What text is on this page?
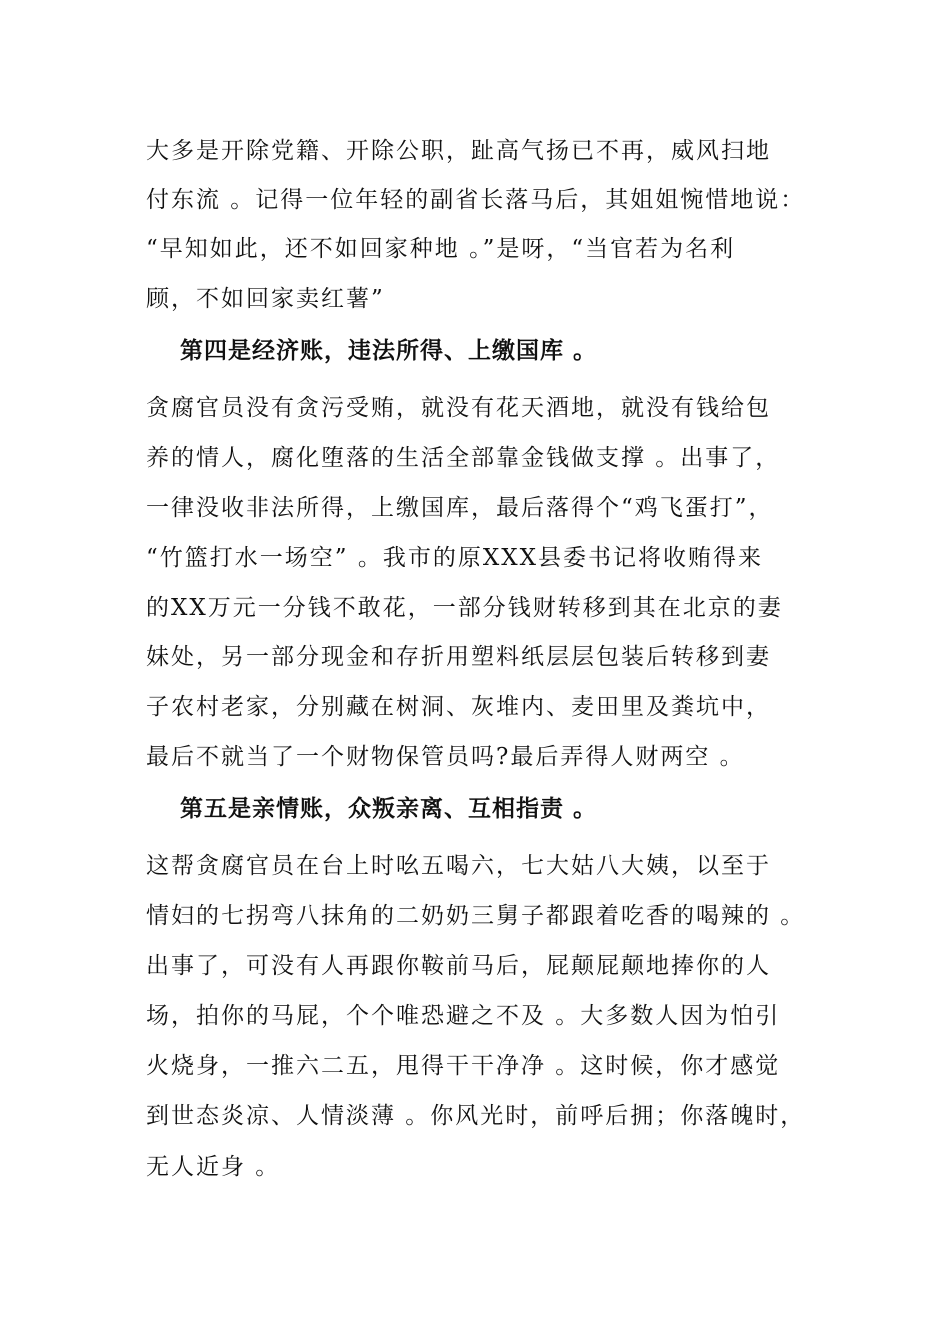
大多是开除党籍、开除公职，趾高气扬已不再，威风扫地
付东流 。记得一位年轻的副省长落马后，其姐姐惋惜地说：
“早知如此，还不如回家种地 。”是呀，“当官若为名利
顾，不如回家卖红薯”
第四是经济账，违法所得、上缴国库 。
贪腐官员没有贪污受贿，就没有花天酒地，就没有钱给包
养的情人，腐化堕落的生活全部靠金钱做支撑 。出事了，
一律没收非法所得，上缴国库，最后落得个“鸡飞蛋打”，
“竹篮打水一场空” 。我市的原XXX县委书记将收贿得来
的XX万元一分钱不敢花，一部分钱财转移到其在北京的妻
妹处，另一部分现金和存折用塑料纸层层包装后转移到妻
子农村老家，分别藏在树洞、灰堆内、麦田里及粪坑中，
最后不就当了一个财物保管员吗?最后弄得人财两空 。
第五是亲情账，众叛亲离、互相指责 。
这帮贪腐官员在台上时吆五喝六，七大姑八大姨，以至于
情妇的七拐弯八抹角的二奶奶三舅子都跟着吃香的喝辣的 。
出事了，可没有人再跟你鞍前马后，屁颠屁颠地捧你的人
场，拍你的马屁，个个唯恐避之不及 。大多数人因为怕引
火烧身，一推六二五，甩得干干净净 。这时候，你才感觉
到世态炎凉、人情淡薄 。你风光时，前呼后拥；你落魄时，
无人近身 。
